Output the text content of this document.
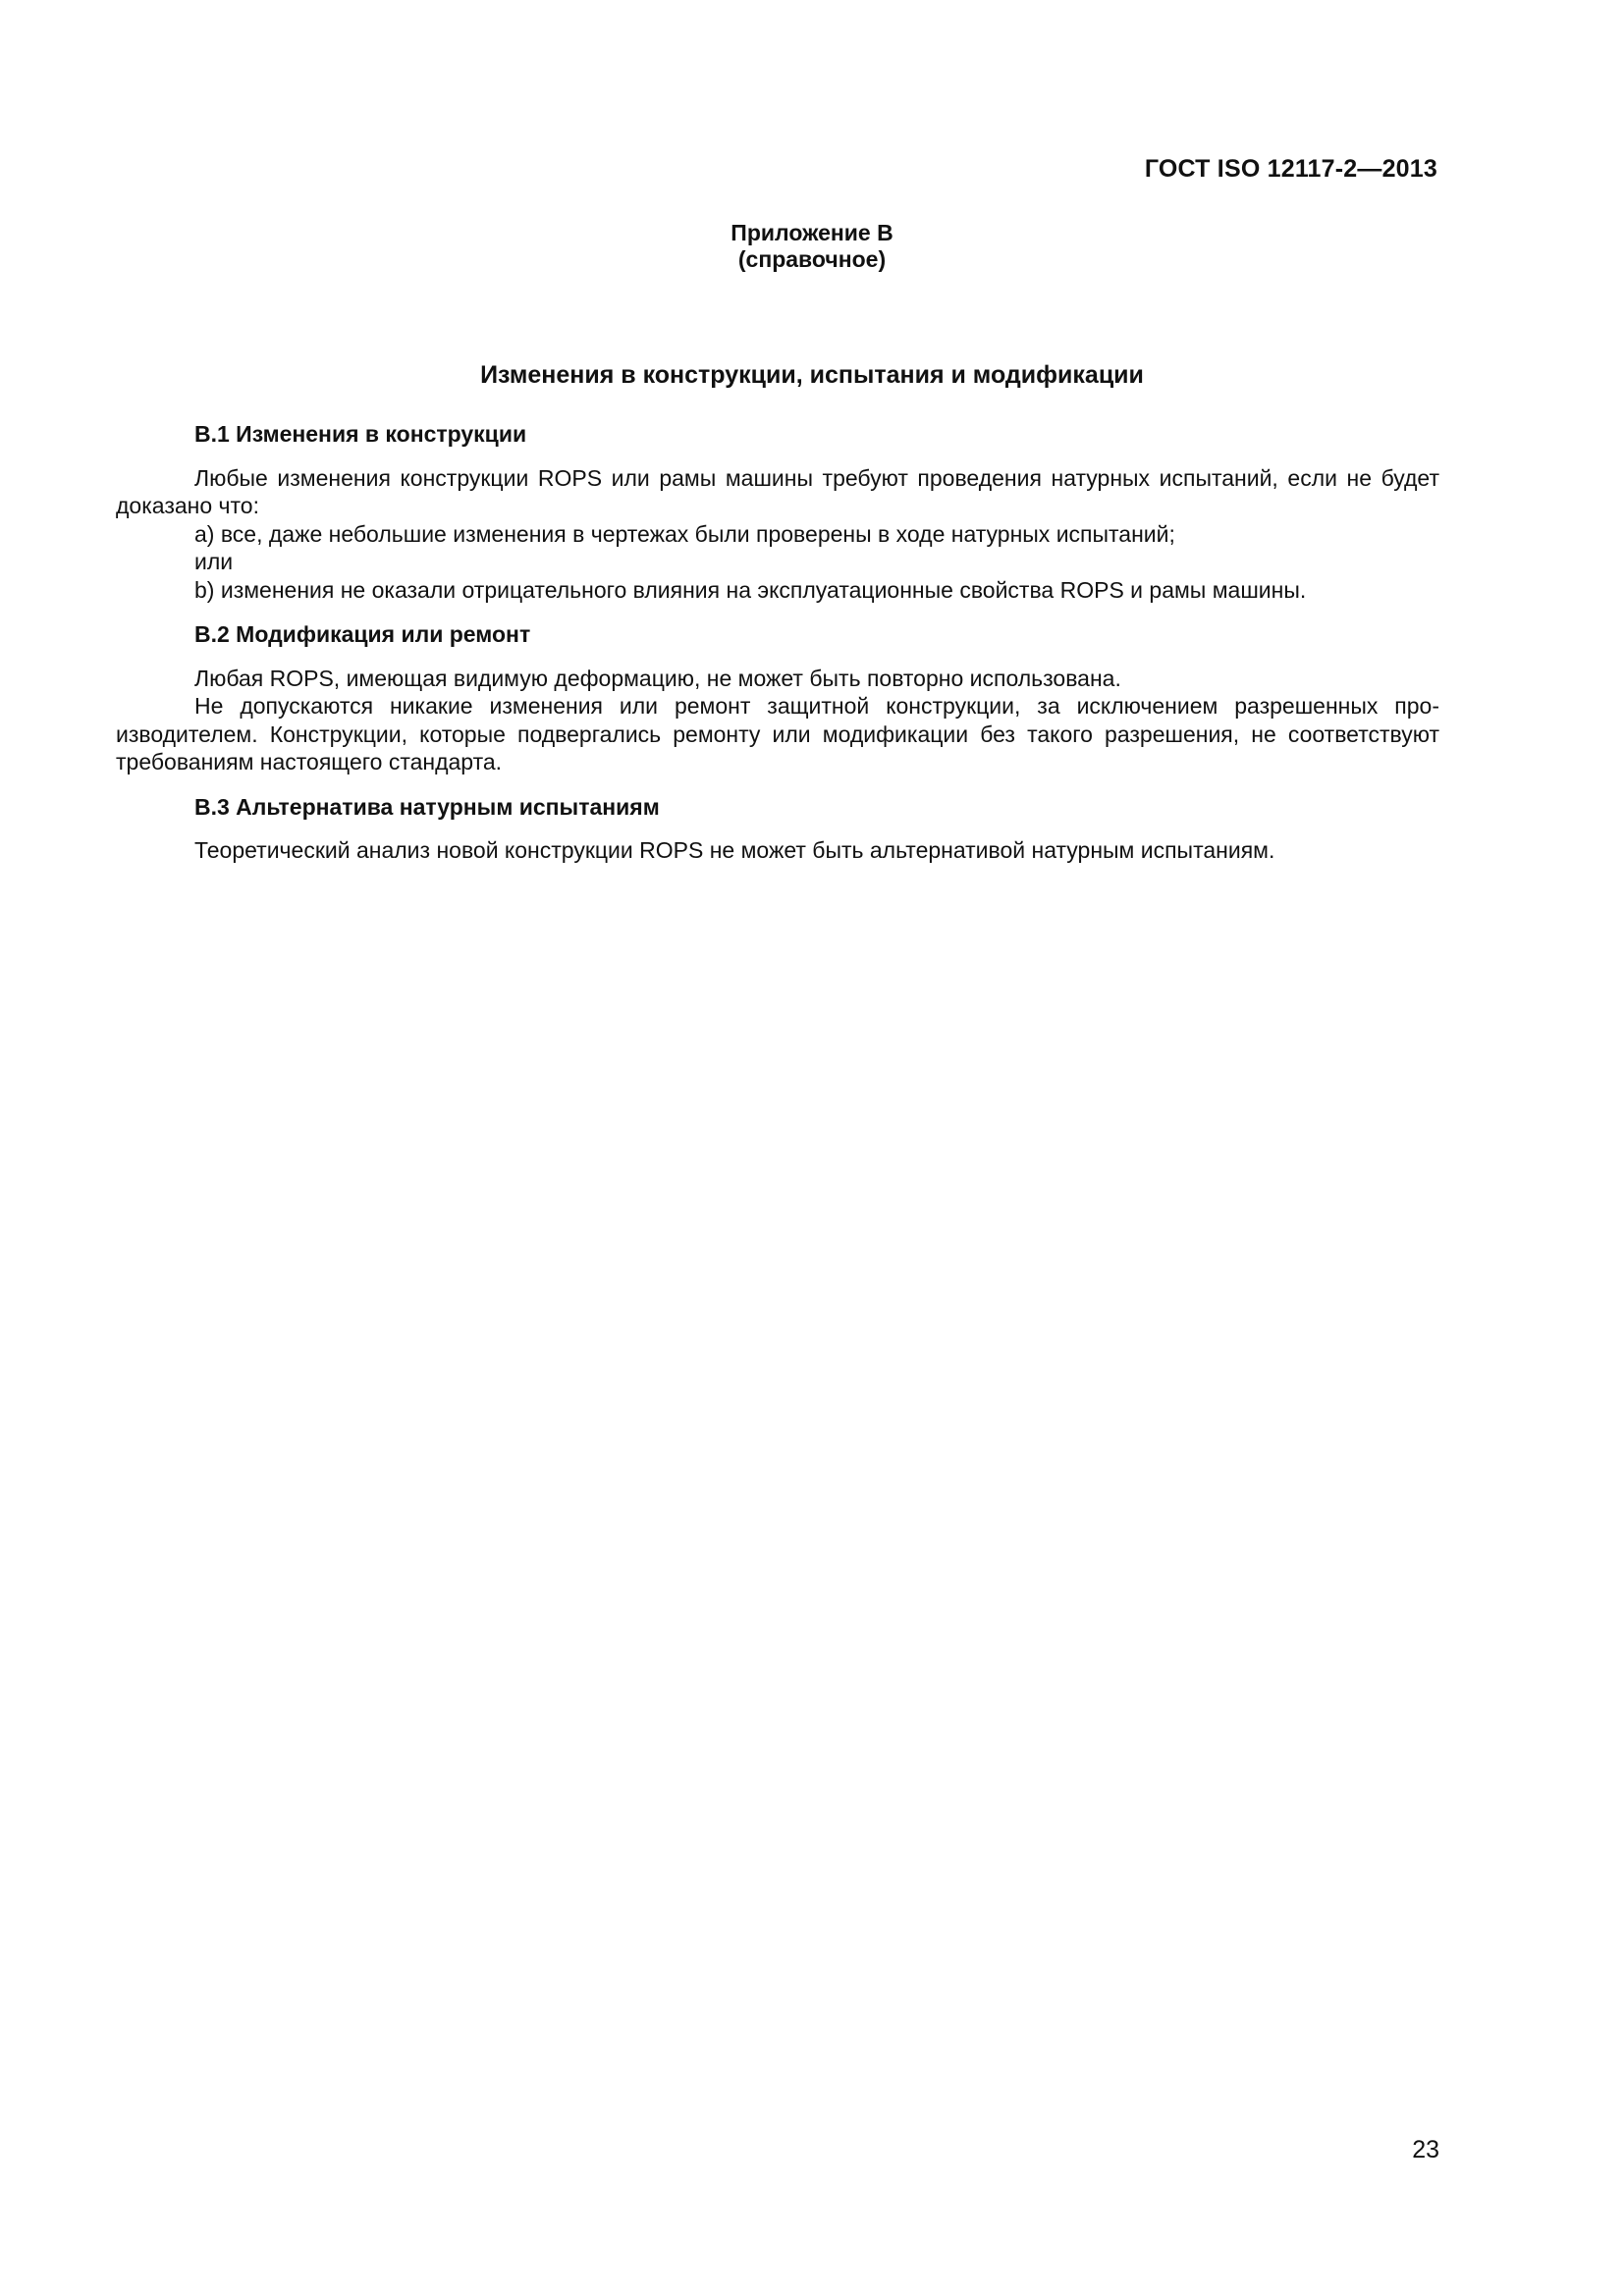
ГОСТ ISO 12117-2—2013
Приложение В
(справочное)
Изменения в конструкции, испытания и модификации

В.1 Изменения в конструкции

Любые изменения конструкции ROPS или рамы машины требуют проведения натурных испытаний, если не будет доказано что:

а) все, даже небольшие изменения в чертежах были проверены в ходе натурных испытаний;

или

b) изменения не оказали отрицательного влияния на эксплуатационные свойства ROPS и рамы машины.

В.2 Модификация или ремонт

Любая ROPS, имеющая видимую деформацию, не может быть повторно использована.

Не допускаются никакие изменения или ремонт защитной конструкции, за исключением разрешенных производителем. Конструкции, которые подвергались ремонту или модификации без такого разрешения, не соответствуют требованиям настоящего стандарта.

В.3 Альтернатива натурным испытаниям

Теоретический анализ новой конструкции ROPS не может быть альтернативой натурным испытаниям.

23
